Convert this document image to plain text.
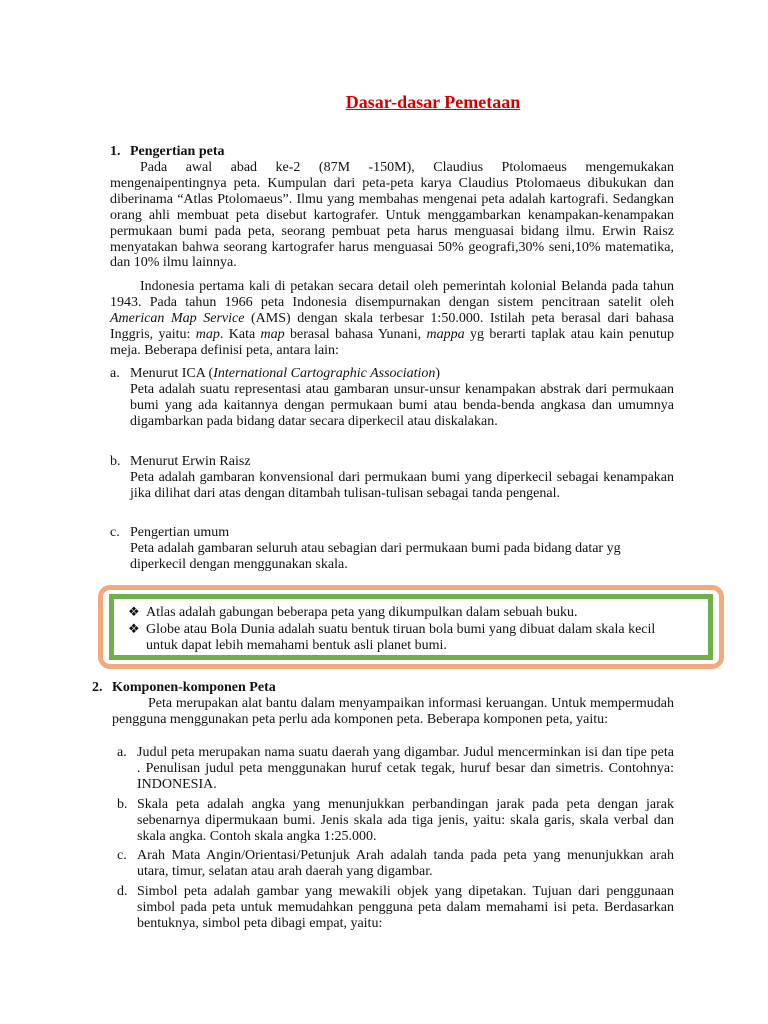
Dasar-dasar Pemetaan
1. Pengertian peta

Pada awal abad ke-2 (87M -150M), Claudius Ptolomaeus mengemukakan mengenaipentingnya peta. Kumpulan dari peta-peta karya Claudius Ptolomaeus dibukukan dan diberinama “Atlas Ptolomaeus”. Ilmu yang membahas mengenai peta adalah kartografi. Sedangkan orang ahli membuat peta disebut kartografer. Untuk menggambarkan kenampakan-kenampakan permukaan bumi pada peta, seorang pembuat peta harus menguasai bidang ilmu. Erwin Raisz menyatakan bahwa seorang kartografer harus menguasai 50% geografi,30% seni,10% matematika, dan 10% ilmu lainnya.

Indonesia pertama kali di petakan secara detail oleh pemerintah kolonial Belanda pada tahun 1943. Pada tahun 1966 peta Indonesia disempurnakan dengan sistem pencitraan satelit oleh American Map Service (AMS) dengan skala terbesar 1:50.000. Istilah peta berasal dari bahasa Inggris, yaitu: map. Kata map berasal bahasa Yunani, mappa yg berarti taplak atau kain penutup meja. Beberapa definisi peta, antara lain:

a. Menurut ICA (International Cartographic Association)
Peta adalah suatu representasi atau gambaran unsur-unsur kenampakan abstrak dari permukaan bumi yang ada kaitannya dengan permukaan bumi atau benda-benda angkasa dan umumnya digambarkan pada bidang datar secara diperkecil atau diskalakan.
b. Menurut Erwin Raisz
Peta adalah gambaran konvensional dari permukaan bumi yang diperkecil sebagai kenampakan jika dilihat dari atas dengan ditambah tulisan-tulisan sebagai tanda pengenal.
c. Pengertian umum
Peta adalah gambaran seluruh atau sebagian dari permukaan bumi pada bidang datar yg diperkecil dengan menggunakan skala.
❖ Atlas adalah gabungan beberapa peta yang dikumpulkan dalam sebuah buku.
❖ Globe atau Bola Dunia adalah suatu bentuk tiruan bola bumi yang dibuat dalam skala kecil untuk dapat lebih memahami bentuk asli planet bumi.
2. Komponen-komponen Peta

Peta merupakan alat bantu dalam menyampaikan informasi keruangan. Untuk mempermudah pengguna menggunakan peta perlu ada komponen peta. Beberapa komponen peta, yaitu:

a. Judul peta merupakan nama suatu daerah yang digambar. Judul mencerminkan isi dan tipe peta . Penulisan judul peta menggunakan huruf cetak tegak, huruf besar dan simetris. Contohnya: INDONESIA.
b. Skala peta adalah angka yang menunjukkan perbandingan jarak pada peta dengan jarak sebenarnya dipermukaan bumi. Jenis skala ada tiga jenis, yaitu: skala garis, skala verbal dan skala angka. Contoh skala angka 1:25.000.
c. Arah Mata Angin/Orientasi/Petunjuk Arah adalah tanda pada peta yang menunjukkan arah utara, timur, selatan atau arah daerah yang digambar.
d. Simbol peta adalah gambar yang mewakili objek yang dipetakan. Tujuan dari penggunaan simbol pada peta untuk memudahkan pengguna peta dalam memahami isi peta. Berdasarkan bentuknya, simbol peta dibagi empat, yaitu:
